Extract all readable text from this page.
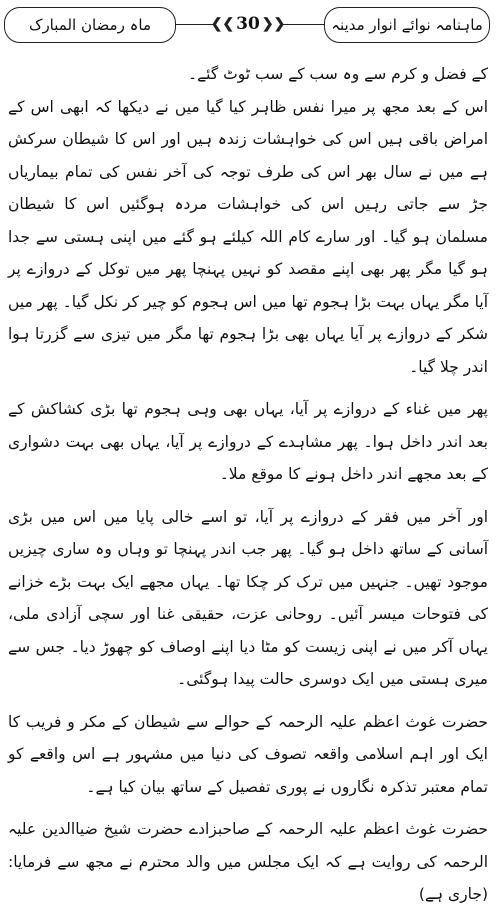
ماہنامہ نوائے انوار مدینہ
❮❮ 30 ❯❯
ماہ رمضان المبارک

کے فضل و کرم سے وہ سب کے سب ٹوٹ گئے۔

اس کے بعد مجھ پر میرا نفس ظاہر کیا گیا میں نے دیکھا کہ ابھی اس کے امراض باقی ہیں اس کی خواہشات زندہ ہیں اور اس کا شیطان سرکش ہے میں نے سال بھر اس کی طرف توجہ کی آخر نفس کی تمام بیماریاں جڑ سے جاتی رہیں اس کی خواہشات مردہ ہوگئیں اس کا شیطان مسلمان ہو گیا۔ اور سارے کام اللہ کیلئے ہو گئے میں اپنی ہستی سے جدا ہو گیا مگر پھر بھی اپنے مقصد کو نہیں پہنچا پھر میں توکل کے دروازے پر آیا مگر یہاں بہت بڑا ہجوم تھا میں اس ہجوم کو چیر کر نکل گیا۔ پھر میں شکر کے دروازے پر آیا یہاں بھی بڑا ہجوم تھا مگر میں تیزی سے گزرتا ہوا اندر چلا گیا۔

پھر میں غناء کے دروازے پر آیا، یہاں بھی وہی ہجوم تھا بڑی کشاکش کے بعد اندر داخل ہوا۔ پھر مشاہدے کے دروازے پر آیا، یہاں بھی بہت دشواری کے بعد مجھے اندر داخل ہونے کا موقع ملا۔

اور آخر میں فقر کے دروازے پر آیا، تو اسے خالی پایا میں اس میں بڑی آسانی کے ساتھ داخل ہو گیا۔ پھر جب اندر پہنچا تو وہاں وہ ساری چیزیں موجود تھیں۔ جنہیں میں ترک کر چکا تھا۔ یہاں مجھے ایک بہت بڑے خزانے کی فتوحات میسر آئیں۔ روحانی عزت، حقیقی غنا اور سچی آزادی ملی، یہاں آکر میں نے اپنی زیست کو مٹا دیا اپنے اوصاف کو چھوڑ دیا۔ جس سے میری ہستی میں ایک دوسری حالت پیدا ہوگئی۔

حضرت غوث اعظم علیہ الرحمہ کے حوالے سے شیطان کے مکر و فریب کا ایک اور اہم اسلامی واقعہ تصوف کی دنیا میں مشہور ہے اس واقعے کو تمام معتبر تذکرہ نگاروں نے پوری تفصیل کے ساتھ بیان کیا ہے۔

حضرت غوث اعظم علیہ الرحمہ کے صاحبزادے حضرت شیخ ضیاالدین علیہ الرحمہ کی روایت ہے کہ ایک مجلس میں والد محترم نے مجھ سے فرمایا: (جاری ہے)
